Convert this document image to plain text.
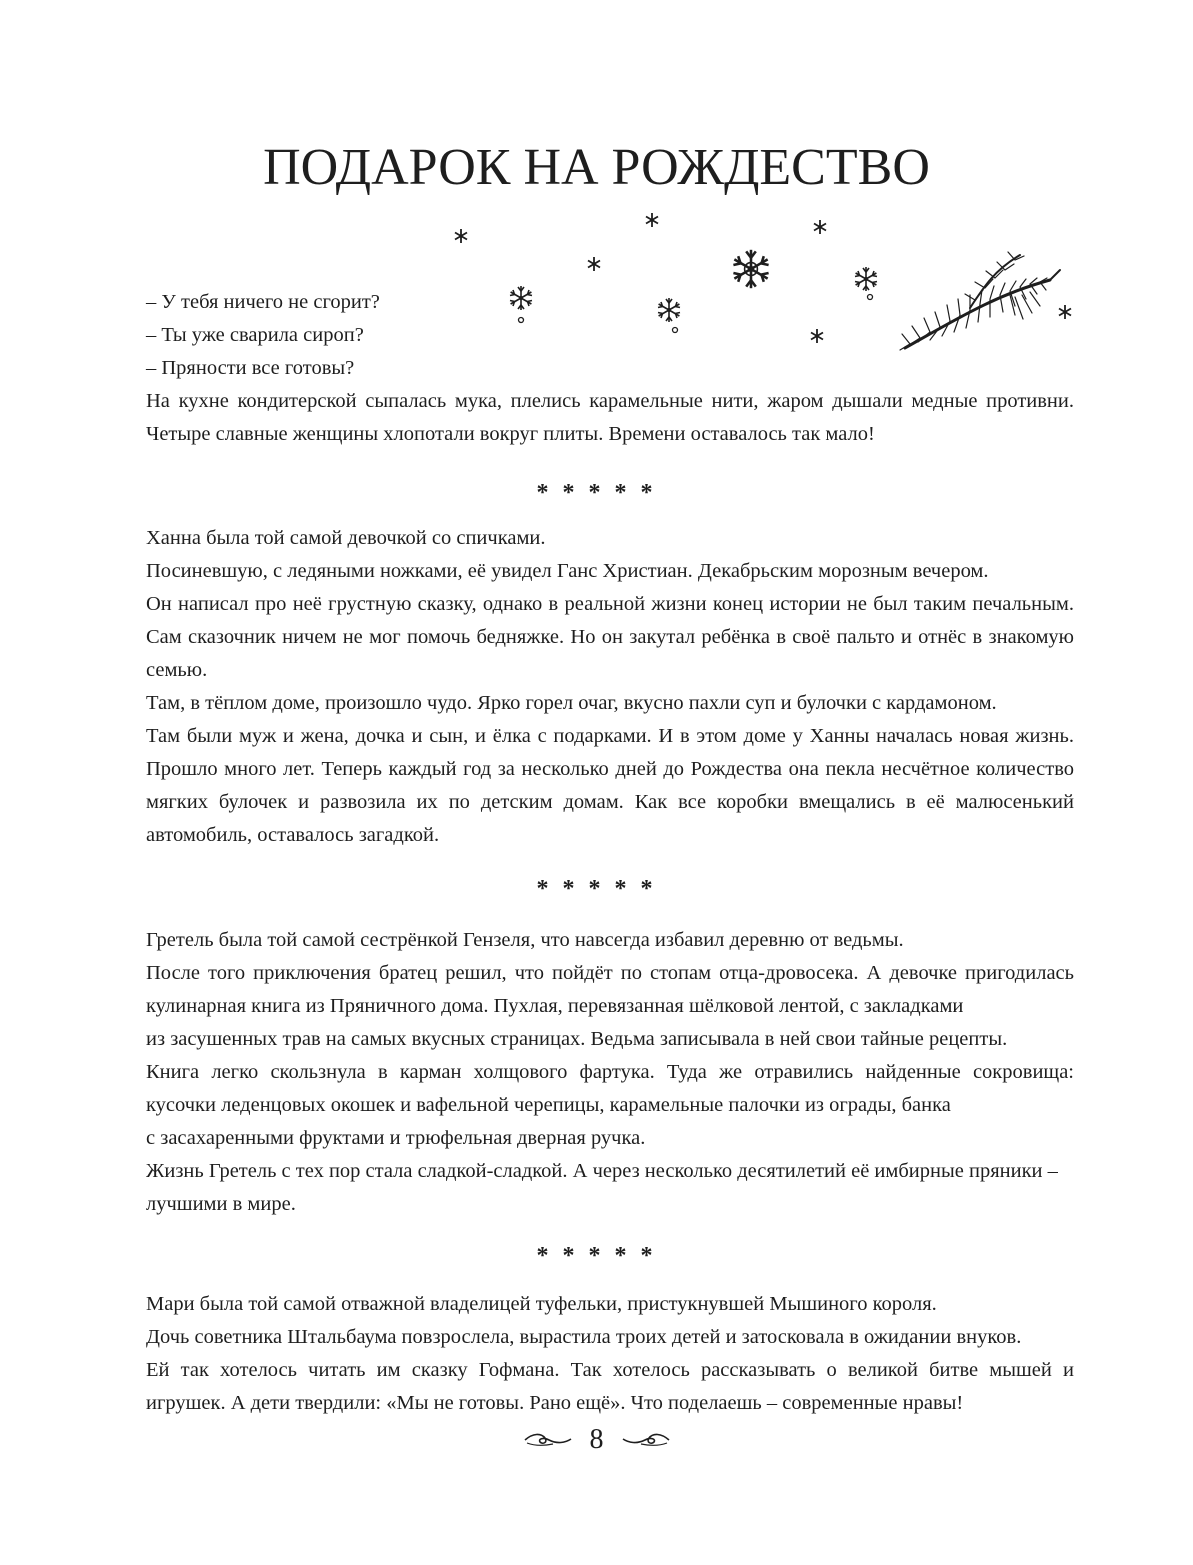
ПОДАРОК НА РОЖДЕСТВО
– У тебя ничего не сгорит?
– Ты уже сварила сироп?
– Пряности все готовы?
На кухне кондитерской сыпалась мука, плелись карамельные нити, жаром дышали медные противни.
Четыре славные женщины хлопотали вокруг плиты. Времени оставалось так мало!
* * * * *
Ханна была той самой девочкой со спичками.
Посиневшую, с ледяными ножками, её увидел Ганс Христиан. Декабрьским морозным вечером.
Он написал про неё грустную сказку, однако в реальной жизни конец истории не был таким печальным.
Сам сказочник ничем не мог помочь бедняжке. Но он закутал ребёнка в своё пальто и отнёс в знакомую
семью.
Там, в тёплом доме, произошло чудо. Ярко горел очаг, вкусно пахли суп и булочки с кардамоном.
Там были муж и жена, дочка и сын, и ёлка с подарками. И в этом доме у Ханны началась новая жизнь.
Прошло много лет. Теперь каждый год за несколько дней до Рождества она пекла несчётное количество
мягких булочек и развозила их по детским домам. Как все коробки вмещались в её малюсенький
автомобиль, оставалось загадкой.
* * * * *
Гретель была той самой сестрёнкой Гензеля, что навсегда избавил деревню от ведьмы.
После того приключения братец решил, что пойдёт по стопам отца-дровосека. А девочке пригодилась
кулинарная книга из Пряничного дома. Пухлая, перевязанная шёлковой лентой, с закладками
из засушенных трав на самых вкусных страницах. Ведьма записывала в ней свои тайные рецепты.
Книга легко скользнула в карман холщового фартука. Туда же отравились найденные сокровища:
кусочки леденцовых окошек и вафельной черепицы, карамельные палочки из ограды, банка
с засахаренными фруктами и трюфельная дверная ручка.
Жизнь Гретель с тех пор стала сладкой-сладкой. А через несколько десятилетий её имбирные пряники –
лучшими в мире.
* * * * *
Мари была той самой отважной владелицей туфельки, пристукнувшей Мышиного короля.
Дочь советника Штальбаума повзрослела, вырастила троих детей и затосковала в ожидании внуков.
Ей так хотелось читать им сказку Гофмана. Так хотелось рассказывать о великой битве мышей и
игрушек. А дети твердили: «Мы не готовы. Рано ещё». Что поделаешь – современные нравы!
8
